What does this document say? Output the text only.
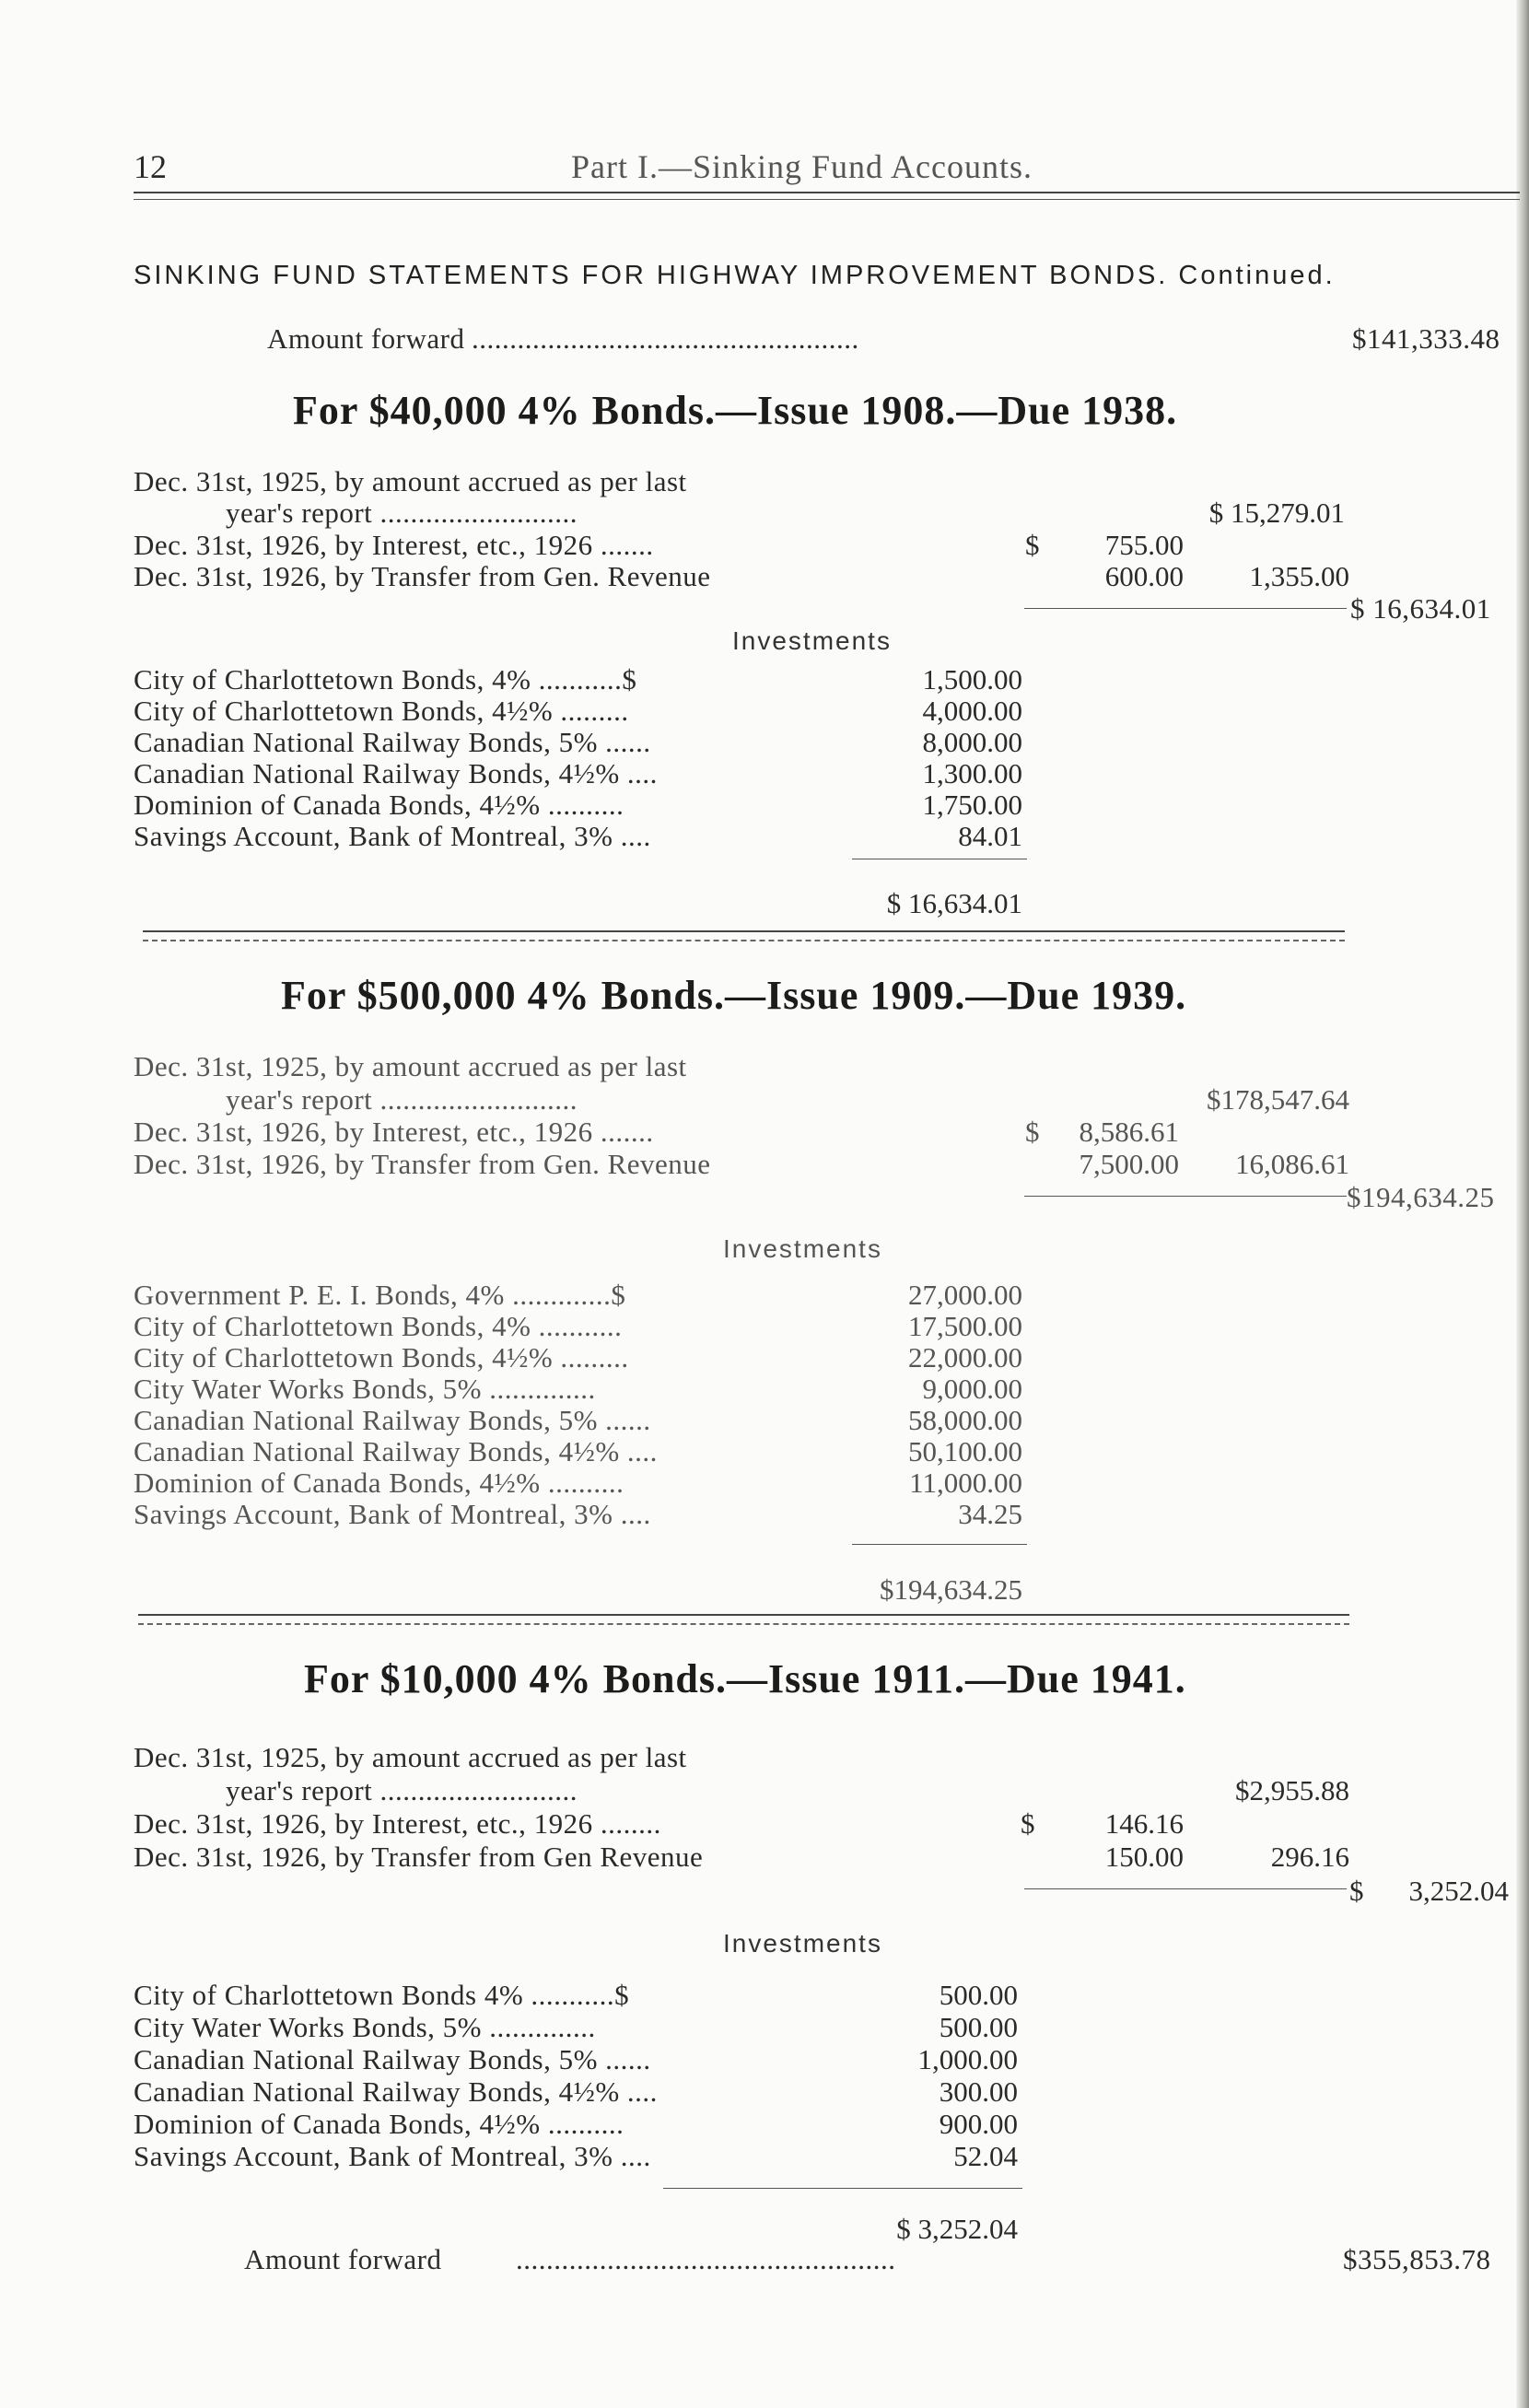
12	Part I.—Sinking Fund Accounts.
SINKING FUND STATEMENTS FOR HIGHWAY IMPROVEMENT BONDS. Continued.
Amount forward ...................................................	$141,333.48
For $40,000 4% Bonds.—Issue 1908.—Due 1938.
Dec. 31st, 1925, by amount accrued as per last
year's report ..........................	$ 15,279.01
Dec. 31st, 1926, by Interest, etc., 1926 .......	$	755.00
Dec. 31st, 1926, by Transfer from Gen. Revenue	600.00	1,355.00
$ 16,634.01
Investments
City of Charlottetown Bonds, 4% ...........$	1,500.00
City of Charlottetown Bonds, 4½% .........	4,000.00
Canadian National Railway Bonds, 5% ......	8,000.00
Canadian National Railway Bonds, 4½% ....	1,300.00
Dominion of Canada Bonds, 4½% ..........	1,750.00
Savings Account, Bank of Montreal, 3% ....	84.01
$ 16,634.01
For $500,000 4% Bonds.—Issue 1909.—Due 1939.
Dec. 31st, 1925, by amount accrued as per last
year's report ..........................	$178,547.64
Dec. 31st, 1926, by Interest, etc., 1926 .......	$	8,586.61
Dec. 31st, 1926, by Transfer from Gen. Revenue	7,500.00	16,086.61
$194,634.25
Investments
Government P. E. I. Bonds, 4% .............$	27,000.00
City of Charlottetown Bonds, 4% ...........	17,500.00
City of Charlottetown Bonds, 4½% .........	22,000.00
City Water Works Bonds, 5% ..............	9,000.00
Canadian National Railway Bonds, 5% ......	58,000.00
Canadian National Railway Bonds, 4½% ....	50,100.00
Dominion of Canada Bonds, 4½% ..........	11,000.00
Savings Account, Bank of Montreal, 3% ....	34.25
$194,634.25
For $10,000 4% Bonds.—Issue 1911.—Due 1941.
Dec. 31st, 1925, by amount accrued as per last
year's report ..........................	$2,955.88
Dec. 31st, 1926, by Interest, etc., 1926 ........	$	146.16
Dec. 31st, 1926, by Transfer from Gen Revenue	150.00	296.16
$	3,252.04
Investments
City of Charlottetown Bonds 4% ...........$	500.00
City Water Works Bonds, 5% ..............	500.00
Canadian National Railway Bonds, 5% ......	1,000.00
Canadian National Railway Bonds, 4½% ....	300.00
Dominion of Canada Bonds, 4½% ..........	900.00
Savings Account, Bank of Montreal, 3% ....	52.04
$ 3,252.04
Amount forward	..................................................	$355,853.78
